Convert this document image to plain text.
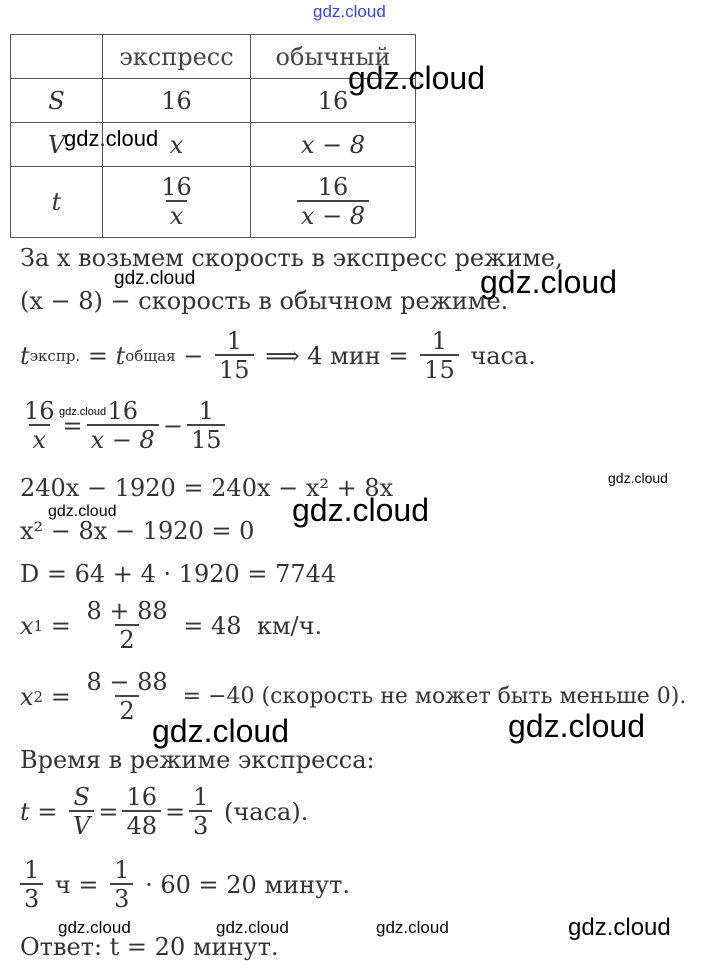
gdz.cloud
	экспресс	обычный
S	16	16
V	x	x − 8
t	$\frac{16}{x}$	$\frac{16}{x - 8}$
За x возьмем скорость в экспресс режиме,
(x − 8) − скорость в обычном режиме.
t экспр. = t общая − $\frac{1}{15}$ ⟹ 4 мин = $\frac{1}{15}$ часа.
$\frac{16}{x} = \frac{16}{x - 8} - \frac{1}{15}$
240x − 1920 = 240x − x² + 8x
x² − 8x − 1920 = 0
D = 64 + 4 · 1920 = 7744
x $1 = \frac{8 + 88}{2} = 48$  км/ч.
x $2 = \frac{8 - 88}{2} = -40$ (скорость не может быть меньше 0).
Время в режиме экспресса:
$t = \frac{S}{V} = \frac{16}{48} = \frac{1}{3}$ (часа).
$\frac{1}{3}$ $ч = \frac{1}{3} \cdot 60 = 20$ минут.
Ответ: t = 20 минут.
gdz.cloud
gdz.cloud
gdz.cloud	gdz.cloud
gdz.cloud
gdz.cloud
gdz.cloud
gdz.cloud
gdz.cloud	gdz.cloud
gdz.cloud	gdz.cloud	gdz.cloud	gdz.cloud
